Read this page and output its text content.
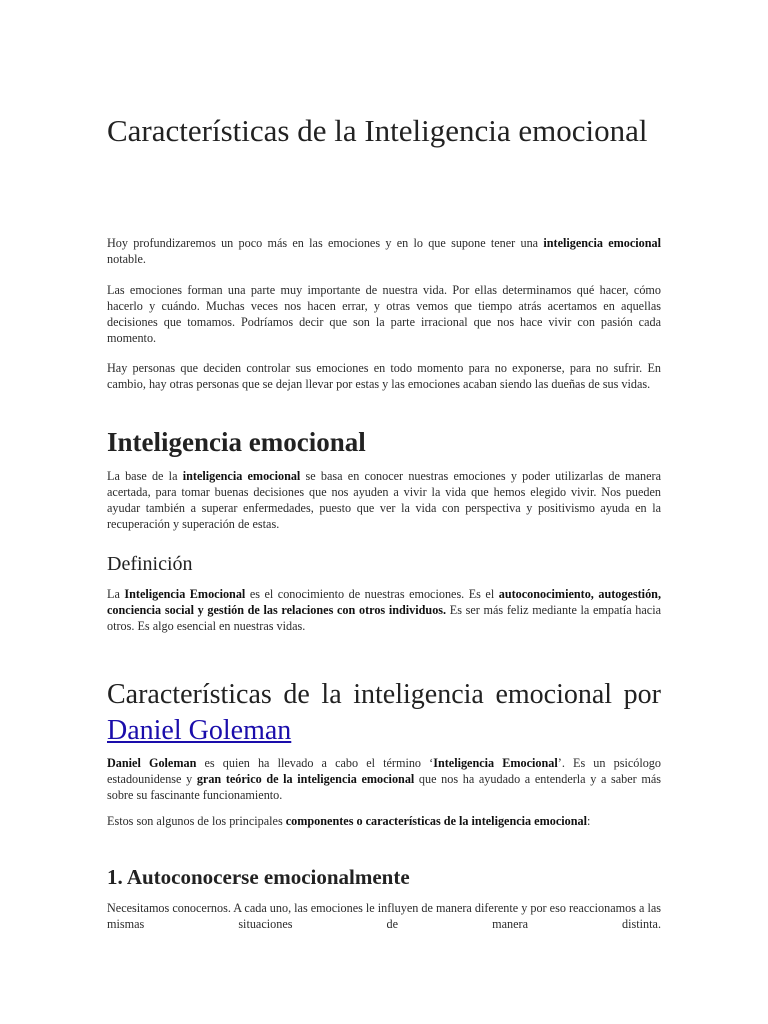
Características de la Inteligencia emocional

Hoy profundizaremos un poco más en las emociones y en lo que supone tener una inteligencia emocional notable.

Las emociones forman una parte muy importante de nuestra vida. Por ellas determinamos qué hacer, cómo hacerlo y cuándo. Muchas veces nos hacen errar, y otras vemos que tiempo atrás acertamos en aquellas decisiones que tomamos. Podríamos decir que son la parte irracional que nos hace vivir con pasión cada momento.

Hay personas que deciden controlar sus emociones en todo momento para no exponerse, para no sufrir. En cambio, hay otras personas que se dejan llevar por estas y las emociones acaban siendo las dueñas de sus vidas.

Inteligencia emocional

La base de la inteligencia emocional se basa en conocer nuestras emociones y poder utilizarlas de manera acertada, para tomar buenas decisiones que nos ayuden a vivir la vida que hemos elegido vivir. Nos pueden ayudar también a superar enfermedades, puesto que ver la vida con perspectiva y positivismo ayuda en la recuperación y superación de estas.

Definición

La Inteligencia Emocional es el conocimiento de nuestras emociones. Es el autoconocimiento, autogestión, conciencia social y gestión de las relaciones con otros individuos. Es ser más feliz mediante la empatía hacia otros. Es algo esencial en nuestras vidas.

Características de la inteligencia emocional por Daniel Goleman

Daniel Goleman es quien ha llevado a cabo el término ‘Inteligencia Emocional’. Es un psicólogo estadounidense y gran teórico de la inteligencia emocional que nos ha ayudado a entenderla y a saber más sobre su fascinante funcionamiento.

Estos son algunos de los principales componentes o características de la inteligencia emocional:

1. Autoconocerse emocionalmente

Necesitamos conocernos. A cada uno, las emociones le influyen de manera diferente y por eso reaccionamos a las mismas situaciones de manera distinta.
